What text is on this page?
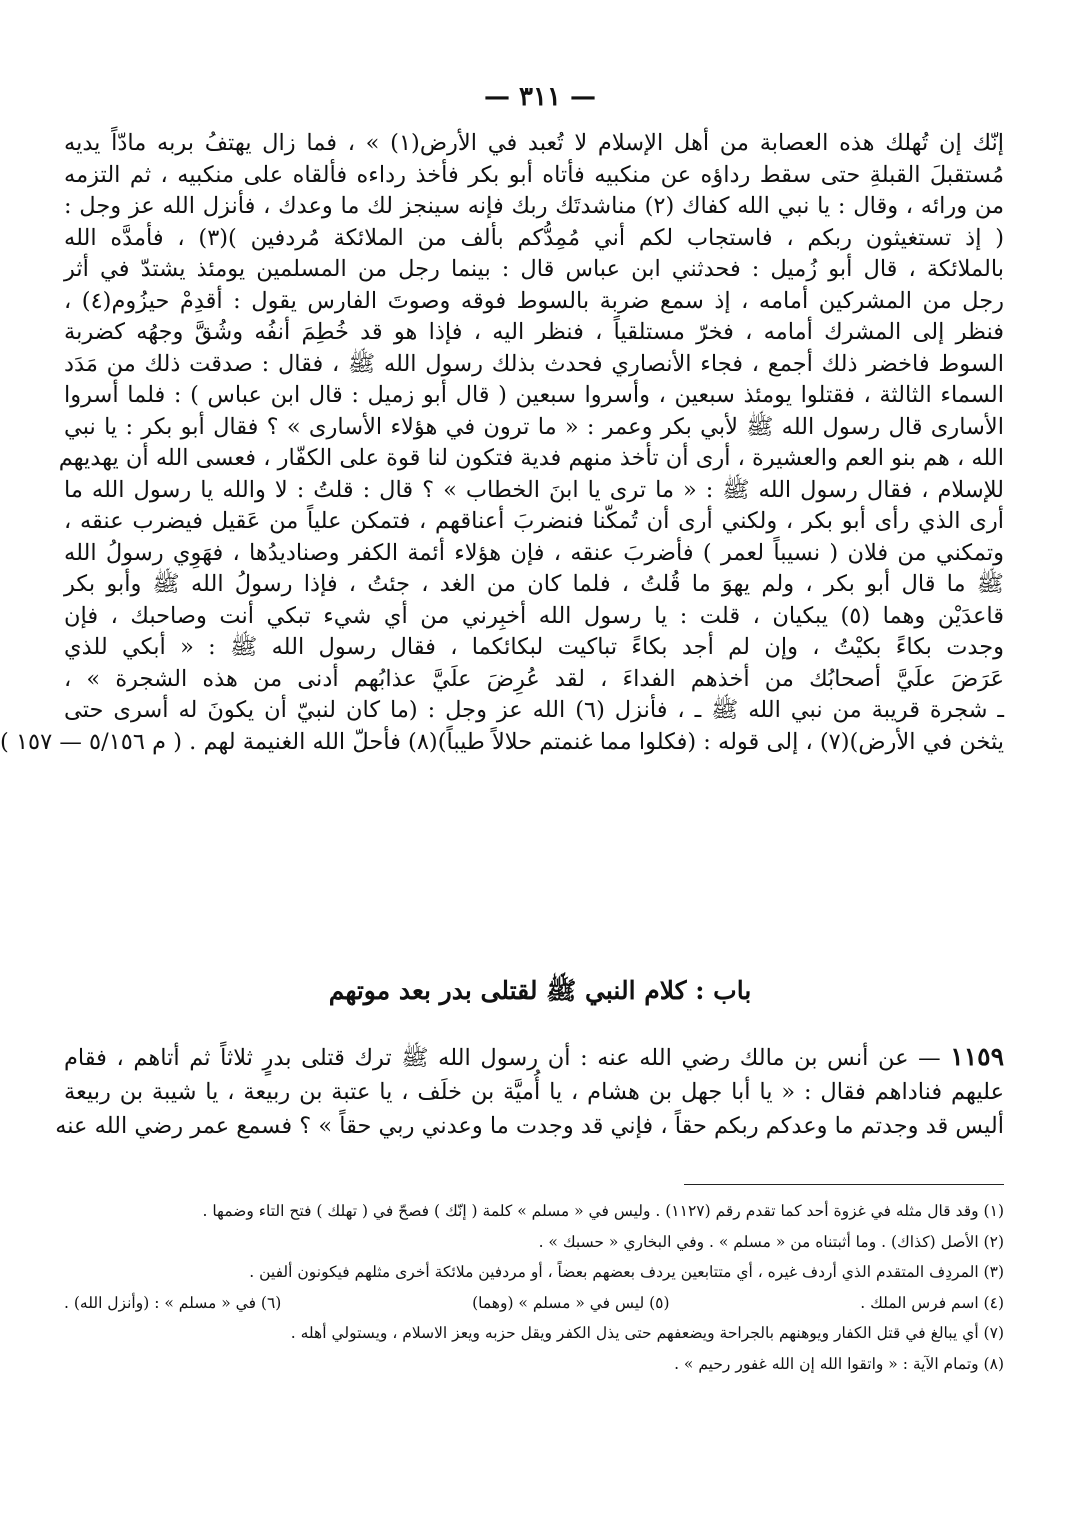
— ٣١١ —
إنّك إن تُهلك هذه العصابة من أهل الإسلام لا تُعبد في الأرض(١) » ، فما زال يهتفُ بربه مادّاً يديه
مُستقبلَ القبلةِ حتى سقط رداؤه عن منكبيه فأتاه أبو بكر فأخذ رداءه فألقاه على منكبيه ، ثم التزمه
من ورائه ، وقال : يا نبي الله كفاك (٢) مناشدتَك ربك فإنه سينجز لك ما وعدك ، فأنزل الله عز وجل :
( إذ تستغيثون ربكم ، فاستجاب لكم أني مُمِدُّكم بألف من الملائكة مُردفين )(٣) ، فأمدَّه الله
بالملائكة ، قال أبو زُميل : فحدثني ابن عباس قال : بينما رجل من المسلمين يومئذ يشتدّ في أثر
رجل من المشركين أمامه ، إذ سمع ضربة بالسوط فوقه وصوتَ الفارس يقول : أقدِمْ حيزُوم(٤) ،
فنظر إلى المشرك أمامه ، فخرّ مستلقياً ، فنظر اليه ، فإذا هو قد خُطِمَ أنفُه وشُقَّ وجهُه كضربة
السوط فاخضر ذلك أجمع ، فجاء الأنصاري فحدث بذلك رسول الله ﷺ ، فقال : صدقت ذلك من مَدَد
السماء الثالثة ، فقتلوا يومئذ سبعين ، وأسروا سبعين ( قال أبو زميل : قال ابن عباس ) : فلما أسروا
الأسارى قال رسول الله ﷺ لأبي بكر وعمر : « ما ترون في هؤلاء الأسارى » ؟ فقال أبو بكر : يا نبي
الله ، هم بنو العم والعشيرة ، أرى أن تأخذ منهم فدية فتكون لنا قوة على الكفّار ، فعسى الله أن يهديهم
للإسلام ، فقال رسول الله ﷺ : « ما ترى يا ابنَ الخطاب » ؟ قال : قلتُ : لا والله يا رسول الله ما
أرى الذي رأى أبو بكر ، ولكني أرى أن تُمكّنا فنضربَ أعناقهم ، فتمكن علياً من عَقيل فيضرب عنقه ،
وتمكني من فلان ( نسيباً لعمر ) فأضربَ عنقه ، فإن هؤلاء أئمة الكفر وصناديدُها ، فهَوِي رسولُ الله
ﷺ ما قال أبو بكر ، ولم يهوَ ما قُلتُ ، فلما كان من الغد ، جئتُ ، فإذا رسولُ الله ﷺ وأبو بكر
قاعدَيْن وهما (٥) يبكيان ، قلت : يا رسول الله أخبِرني من أي شيء تبكي أنت وصاحبك ، فإن
وجدت بكاءً بكيْتُ ، وإن لم أجد بكاءً تباكيت لبكائكما ، فقال رسول الله ﷺ : « أبكي للذي
عَرَضَ علَيَّ أصحابُك من أخذهم الفداءَ ، لقد عُرِضَ علَيَّ عذابُهم أدنى من هذه الشجرة » ،
ـ شجرة قريبة من نبي الله ﷺ ـ ، فأنزل (٦) الله عز وجل : (ما كان لنبيّ أن يكونَ له أسرى حتى
يثخن في الأرض)(٧) ، إلى قوله : (فكلوا مما غنمتم حلالاً طيباً)(٨) فأحلّ الله الغنيمة لهم . ( م ٥/١٥٦ — ١٥٧ )
باب : كلام النبي ﷺ لقتلى بدر بعد موتهم
١١٥٩ — عن أنس بن مالك رضي الله عنه : أن رسول الله ﷺ ترك قتلى بدرٍ ثلاثاً ثم أتاهم ، فقام
عليهم فناداهم فقال : « يا أبا جهل بن هشام ، يا أُميَّة بن خلَف ، يا عتبة بن ربيعة ، يا شيبة بن ربيعة
أليس قد وجدتم ما وعدكم ربكم حقاً ، فإني قد وجدت ما وعدني ربي حقاً » ؟ فسمع عمر رضي الله عنه
(١) وقد قال مثله في غزوة أحد كما تقدم رقم (١١٢٧) . وليس في « مسلم » كلمة ( إنّك ) فصحّ في ( تهلك ) فتح التاء وضمها .
(٢) الأصل (كذاك) . وما أثبتناه من « مسلم » . وفي البخاري « حسبك » .
(٣) المردِف المتقدم الذي أردف غيره ، أي متتابعين يردف بعضهم بعضاً ، أو مردفين ملائكة أخرى مثلهم فيكونون ألفين .
(٤) اسم فرس الملك .
(٥) ليس في « مسلم » (وهما)
(٦) في « مسلم » : (وأنزل الله) .
(٧) أي يبالغ في قتل الكفار ويوهنهم بالجراحة ويضعفهم حتى يذل الكفر ويقل حزبه ويعز الاسلام ، ويستولي أهله .
(٨) وتمام الآية : « واتقوا الله إن الله غفور رحيم » .
